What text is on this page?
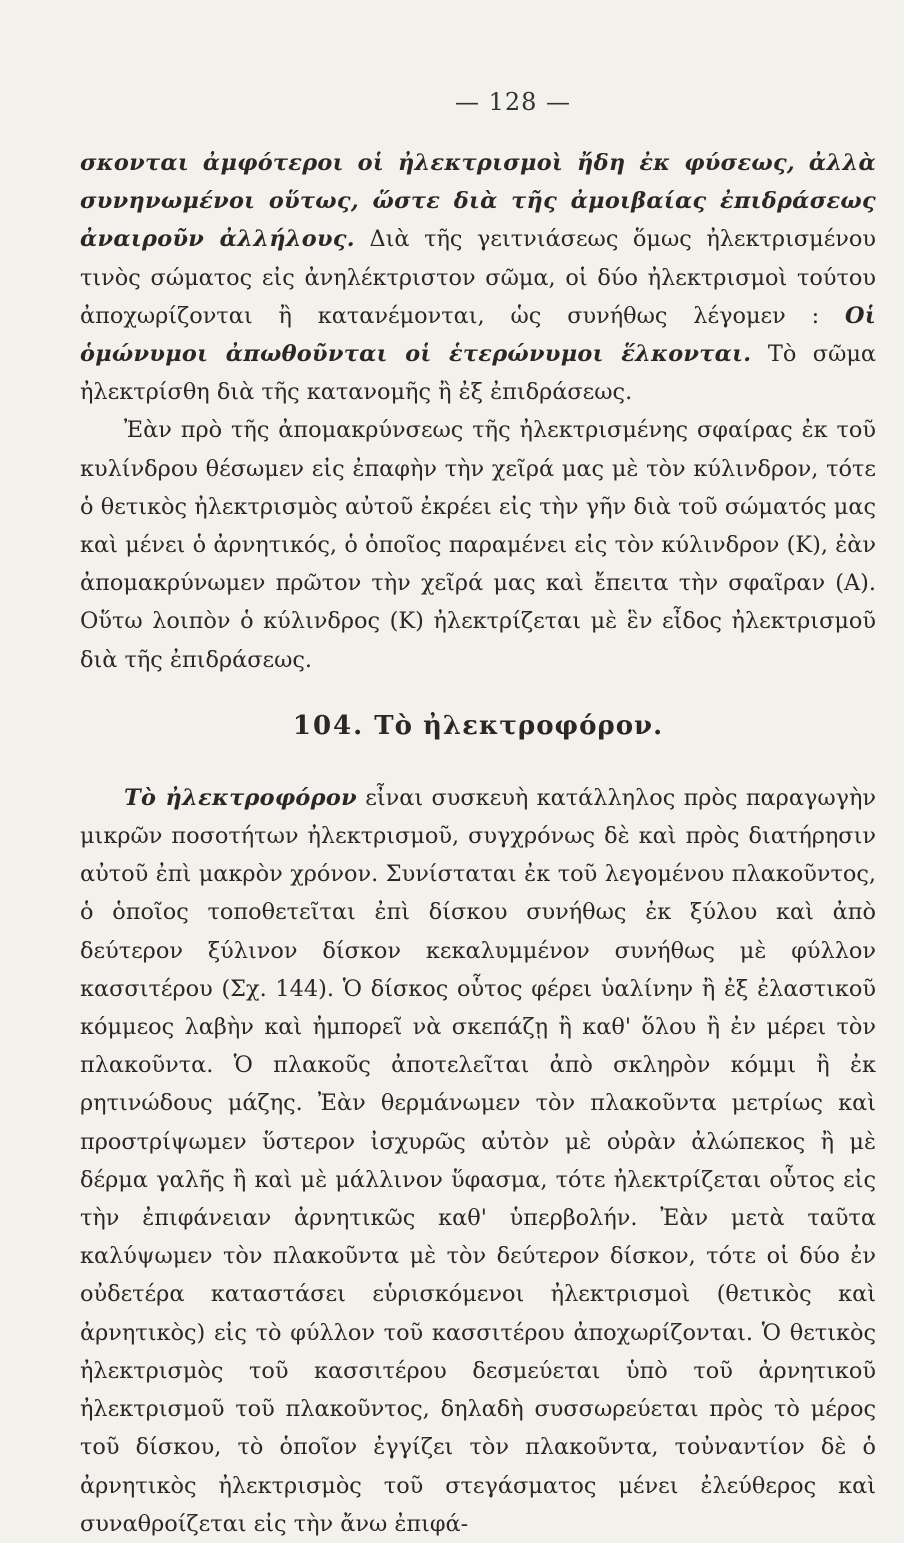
— 128 —

σκονται ἀμφότεροι οἱ ἠλεκτρισμοὶ ἤδη ἐκ φύσεως, ἀλλὰ συνηνωμένοι οὕτως, ὥστε διὰ τῆς ἀμοιβαίας ἐπιδράσεως ἀναιροῦν ἀλλήλους. Διὰ τῆς γειτνιάσεως ὅμως ἠλεκτρισμένου τινὸς σώματος εἰς ἀνηλέκτριστον σῶμα, οἱ δύο ἠλεκτρισμοὶ τούτου ἀποχωρίζονται ἢ κατανέμονται, ὡς συνήθως λέγομεν : Οἱ ὁμώνυμοι ἀπωθοῦνται οἱ ἑτερώνυμοι ἕλκονται. Τὸ σῶμα ἠλεκτρίσθη διὰ τῆς κατανομῆς ἢ ἐξ ἐπιδράσεως.

Ἐὰν πρὸ τῆς ἀπομακρύνσεως τῆς ἠλεκτρισμένης σφαίρας ἐκ τοῦ κυλίνδρου θέσωμεν εἰς ἐπαφὴν τὴν χεῖρά μας μὲ τὸν κύλινδρον, τότε ὁ θετικὸς ἠλεκτρισμὸς αὐτοῦ ἐκρέει εἰς τὴν γῆν διὰ τοῦ σώματός μας καὶ μένει ὁ ἀρνητικός, ὁ ὁποῖος παραμένει εἰς τὸν κύλινδρον (Κ), ἐὰν ἀπομακρύνωμεν πρῶτον τὴν χεῖρά μας καὶ ἔπειτα τὴν σφαῖραν (Α). Οὕτω λοιπὸν ὁ κύλινδρος (Κ) ἠλεκτρίζεται μὲ ἓν εἶδος ἠλεκτρισμοῦ διὰ τῆς ἐπιδράσεως.

104. Τὸ ἠλεκτροφόρον.

Τὸ ἠλεκτροφόρον εἶναι συσκευὴ κατάλληλος πρὸς παραγωγὴν μικρῶν ποσοτήτων ἠλεκτρισμοῦ, συγχρόνως δὲ καὶ πρὸς διατήρησιν αὐτοῦ ἐπὶ μακρὸν χρόνον. Συνίσταται ἐκ τοῦ λεγομένου πλακοῦντος, ὁ ὁποῖος τοποθετεῖται ἐπὶ δίσκου συνήθως ἐκ ξύλου καὶ ἀπὸ δεύτερον ξύλινον δίσκον κεκαλυμμένον συνήθως μὲ φύλλον κασσιτέρου (Σχ. 144). Ὁ δίσκος οὗτος φέρει ὑαλίνην ἢ ἐξ ἐλαστικοῦ κόμμεος λαβὴν καὶ ἠμπορεῖ νὰ σκεπάζῃ ἢ καθ' ὅλου ἢ ἐν μέρει τὸν πλακοῦντα. Ὁ πλακοῦς ἀποτελεῖται ἀπὸ σκληρὸν κόμμι ἢ ἐκ ρητινώδους μάζης. Ἐὰν θερμάνωμεν τὸν πλακοῦντα μετρίως καὶ προστρίψωμεν ὕστερον ἰσχυρῶς αὐτὸν μὲ οὐρὰν ἀλώπεκος ἢ μὲ δέρμα γαλῆς ἢ καὶ μὲ μάλλινον ὕφασμα, τότε ἠλεκτρίζεται οὗτος εἰς τὴν ἐπιφάνειαν ἀρνητικῶς καθ' ὑπερβολήν. Ἐὰν μετὰ ταῦτα καλύψωμεν τὸν πλακοῦντα μὲ τὸν δεύτερον δίσκον, τότε οἱ δύο ἐν οὐδετέρα καταστάσει εὑρισκόμενοι ἠλεκτρισμοὶ (θετικὸς καὶ ἀρνητικὸς) εἰς τὸ φύλλον τοῦ κασσιτέρου ἀποχωρίζονται. Ὁ θετικὸς ἠλεκτρισμὸς τοῦ κασσιτέρου δεσμεύεται ὑπὸ τοῦ ἀρνητικοῦ ἠλεκτρισμοῦ τοῦ πλακοῦντος, δηλαδὴ συσσωρεύεται πρὸς τὸ μέρος τοῦ δίσκου, τὸ ὁποῖον ἐγγίζει τὸν πλακοῦντα, τοὐναντίον δὲ ὁ ἀρνητικὸς ἠλεκτρισμὸς τοῦ στεγάσματος μένει ἐλεύθερος καὶ συναθροίζεται εἰς τὴν ἄνω ἐπιφά-
